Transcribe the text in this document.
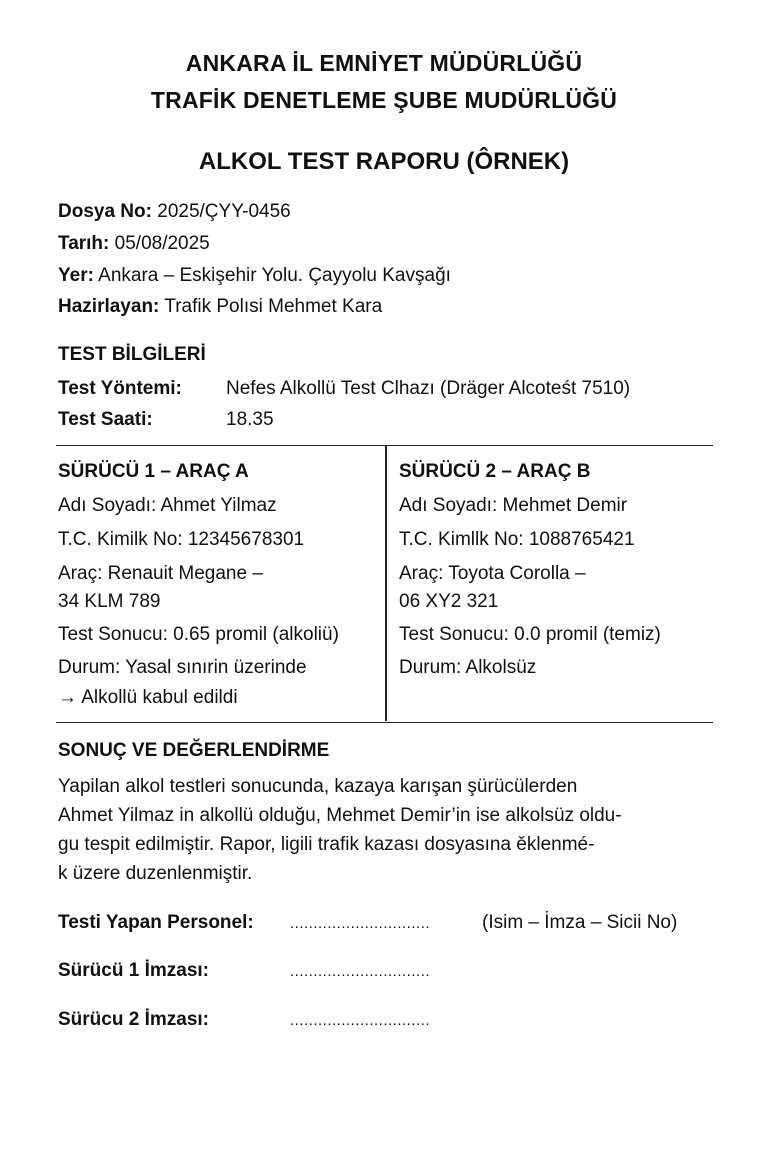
ANKARA İL EMNİYET MÜDÜRLÜĞÜ
TRAFİK DENETLEME ŞUBE MUDÜRLÜĞÜ
ALKOL TEST RAPORU (ÔRNEK)
Dosya No: 2025/ÇYY-0456
Tarıh: 05/08/2025
Yer: Ankara – Eskişehir Yolu. Çayyolu Kavşağı
Hazirlayan: Trafik Polısi Mehmet Kara
TEST BİLGİLERİ
Test Yöntemi: Nefes Alkollü Test Clhazı (Dräger Alcoteśt 7510)
Test Saati:	18.35
SÜRÜCÜ 1 – ARAÇ A
Adı Soyadı: Ahmet Yilmaz
T.C. Kimilk No: 12345678301
Araç: Renauit Megane –
34 KLM 789
Test Sonucu: 0.65 promil (alkoliü)
Durum: Yasal sınırin üzerinde
→ Alkollü kabul edildi
SÜRÜCÜ 2 – ARAÇ B
Adı Soyadı: Mehmet Demir
T.C. Kimllk No: 1088765421
Araç: Toyota Corolla –
06 XY2 321
Test Sonucu: 0.0 promil (temiz)
Durum: Alkolsüz
SONUÇ VE DEĞERLENDİRME
Yapilan alkol testleri sonucunda, kazaya karışan şürücülerden
Ahmet Yilmaz in alkollü olduğu, Mehmet Demir’in ise alkolsüz oldu-
gu tespit edilmiştir. Rapor, ligili trafik kazası dosyasına ěklenmé-
k üzere duzenlenmiştir.
Testi Yapan Personel: ..............................	(Isim – İmza – Sicii No)
Sürücü 1 İmzası:	..............................
Sürücu 2 İmzası:	..............................
